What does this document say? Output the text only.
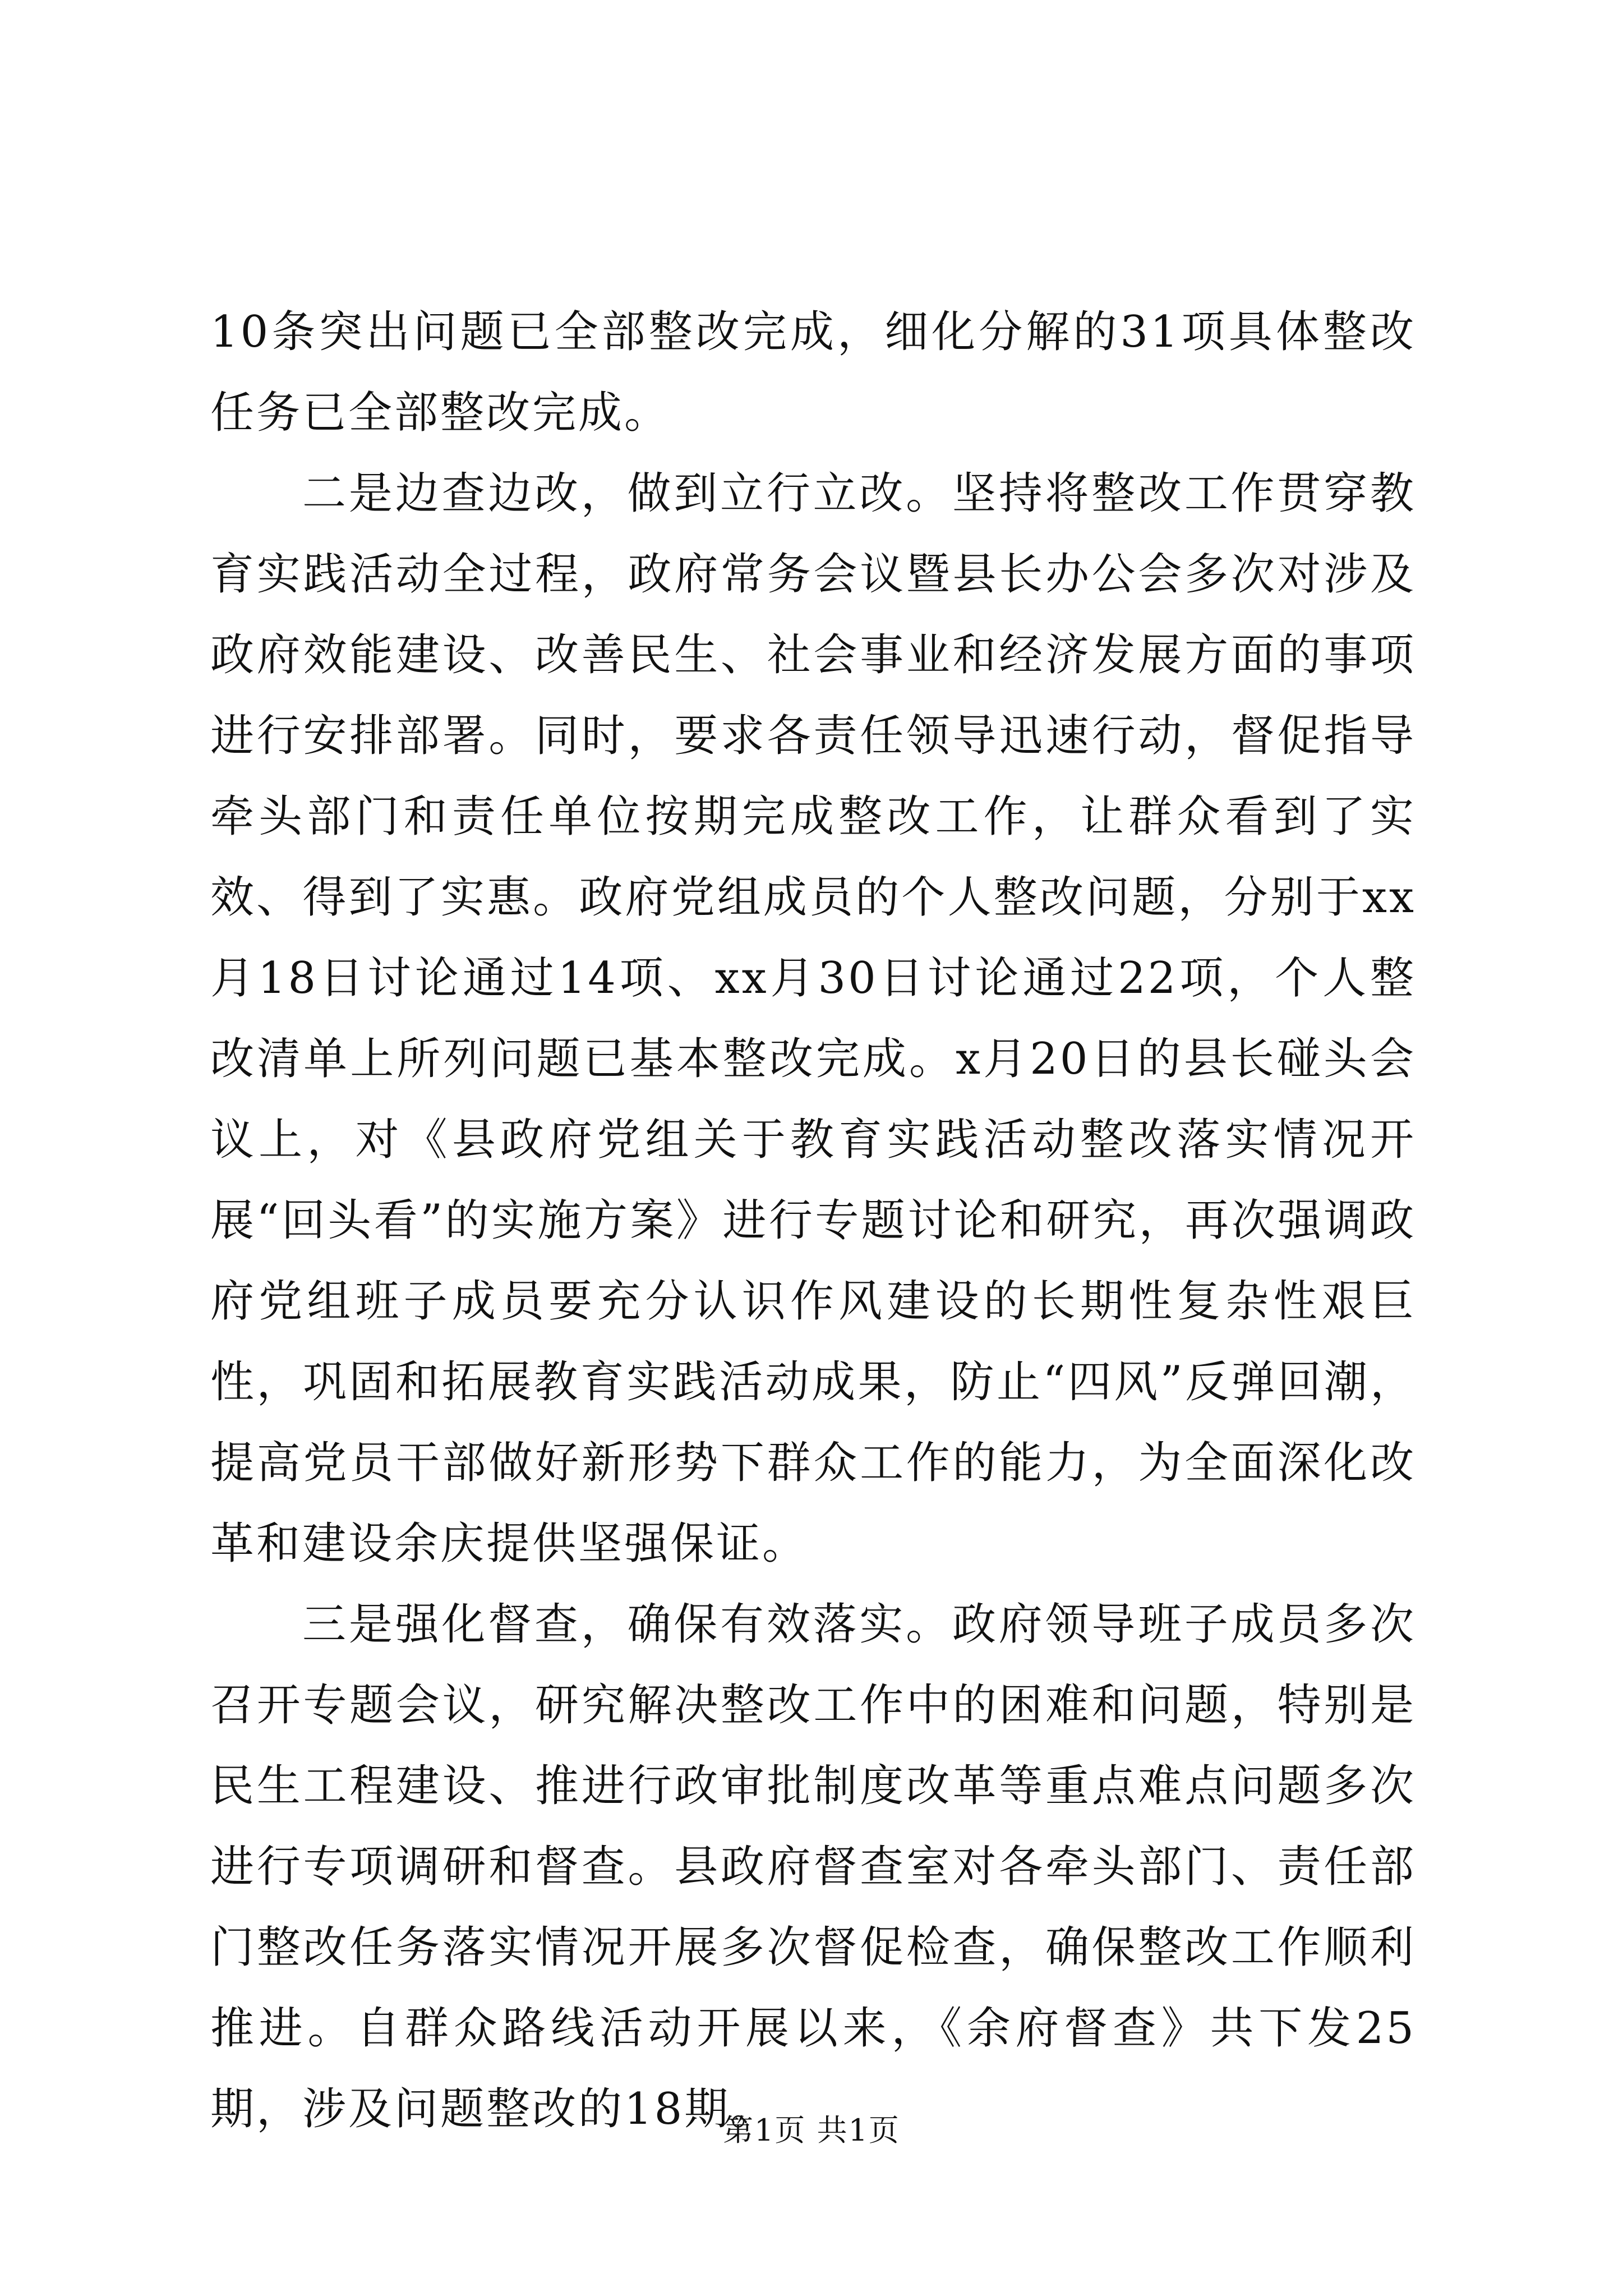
10条突出问题已全部整改完成，细化分解的31项具体整改任务已全部整改完成。

二是边查边改，做到立行立改。坚持将整改工作贯穿教育实践活动全过程，政府常务会议暨县长办公会多次对涉及政府效能建设、改善民生、社会事业和经济发展方面的事项进行安排部署。同时，要求各责任领导迅速行动，督促指导牵头部门和责任单位按期完成整改工作，让群众看到了实效、得到了实惠。政府党组成员的个人整改问题，分别于xx月18日讨论通过14项、xx月30日讨论通过22项，个人整改清单上所列问题已基本整改完成。x月20日的县长碰头会议上，对《县政府党组关于教育实践活动整改落实情况开展“回头看”的实施方案》进行专题讨论和研究，再次强调政府党组班子成员要充分认识作风建设的长期性复杂性艰巨性，巩固和拓展教育实践活动成果，防止“四风”反弹回潮，提高党员干部做好新形势下群众工作的能力，为全面深化改革和建设余庆提供坚强保证。

三是强化督查，确保有效落实。政府领导班子成员多次召开专题会议，研究解决整改工作中的困难和问题，特别是民生工程建设、推进行政审批制度改革等重点难点问题多次进行专项调研和督查。县政府督查室对各牵头部门、责任部门整改任务落实情况开展多次督促检查，确保整改工作顺利推进。自群众路线活动开展以来，《余府督查》共下发25期，涉及问题整改的18期。

第1页 共1页
